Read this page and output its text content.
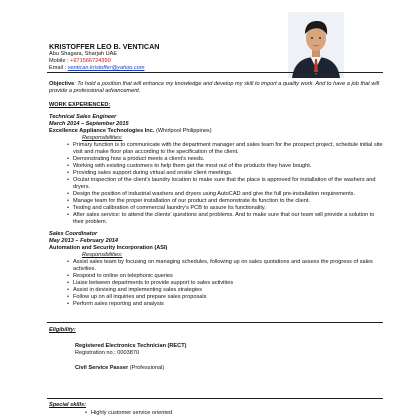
KRISTOFFER LEO B. VENTICAN
Abu Shagara, Sharjah UAE
Mobile : +971566724350
Email : ventican.kristoffer@yahoo.com

Objective: To hold a position that will enhance my knowledge and develop my skill to import a quality work. And to have a job that will provide a professional advancement.

WORK EXPERIENCED:
Technical Sales Engineer
March 2014 – September 2015
Excellence Appliance Technologies Inc. (Whirlpool Philippines)
Responsibilities:
• Primary function is to communicate with the department manager and sales team for the prospect project, schedule initial site visit and make floor plan according to the specification of the client.
• Demonstrating how a product meets a client’s needs.
• Working with existing customers to help them get the most out of the products they have bought.
• Providing sales support during virtual and onsite client meetings.
• Ocular inspection of the client’s laundry location to make sure that the place is approved for installation of the washers and dryers.
• Design the position of industrial washers and dryers using AutoCAD and give the full pre-installation requirements.
• Manage team for the proper installation of our product and demonstrate its function to the client.
• Testing and calibration of commercial laundry’s PCB to assure its functionality.
• After sales service: to attend the clients’ questions and problems. And to make sure that our team will provide a solution to their problem.
Sales Coordinator
May 2013 – February 2014
Automation and Security Incorporation (ASI)
Responsibilities:
• Assist sales team by focusing on managing schedules, following up on sales quotations and assess the progress of sales activities.
• Respond to online on telephonic queries
• Liaise between departments to provide support to sales activities
• Assist in devising and implementing sales strategies
• Follow up on all inquiries and prepare sales proposals
• Perform sales reporting and analysis
Eligibility:
Registered Electronics Technician (RECT)
Registration no.: 0003870
Civil Service Passer (Professional)
Special skills:
• Highly customer service oriented
